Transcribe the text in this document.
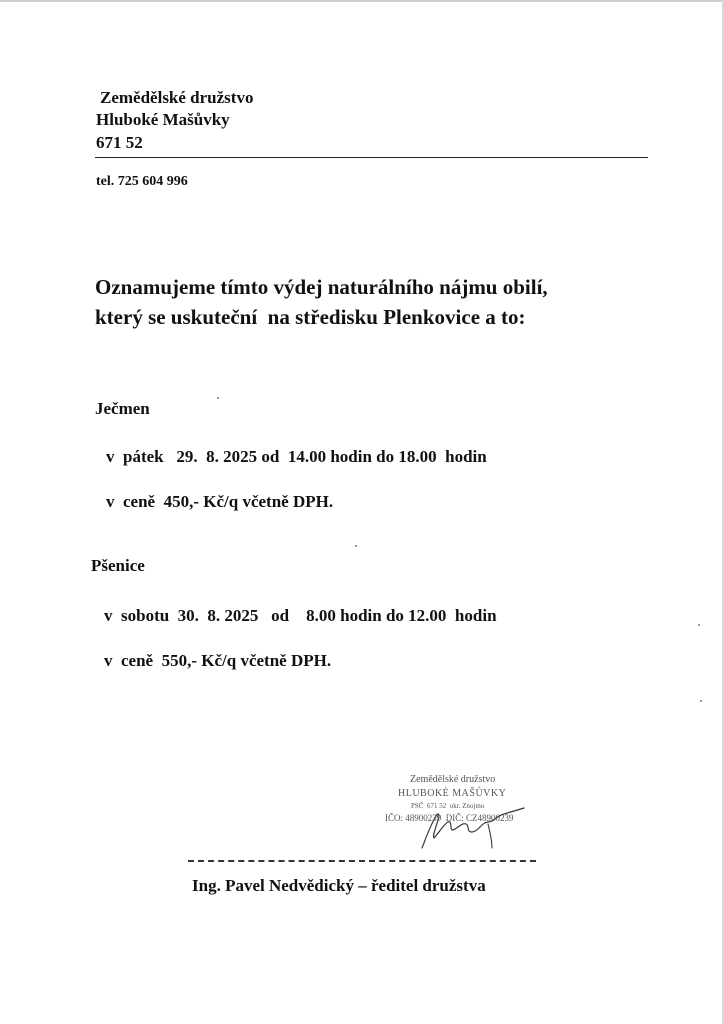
Zemědělské družstvo
Hluboké Mašůvky
671 52
tel. 725 604 996
Oznamujeme tímto výdej naturálního nájmu obilí,
který se uskuteční  na středisku Plenkovice a to:
Ječmen
v  pátek   29.  8. 2025 od  14.00 hodin do 18.00  hodin
v  ceně  450,- Kč/q včetně DPH.
Pšenice
v  sobotu  30.  8. 2025   od    8.00 hodin do 12.00  hodin
v  ceně  550,- Kč/q včetně DPH.
Zemědělské družstvo
HLUBOKÉ MAŠŮVKY
PSČ  671 52  okr. Znojmo
IČO: 48900239  DIČ: CZ48900239
Ing. Pavel Nedvědický – ředitel družstva
